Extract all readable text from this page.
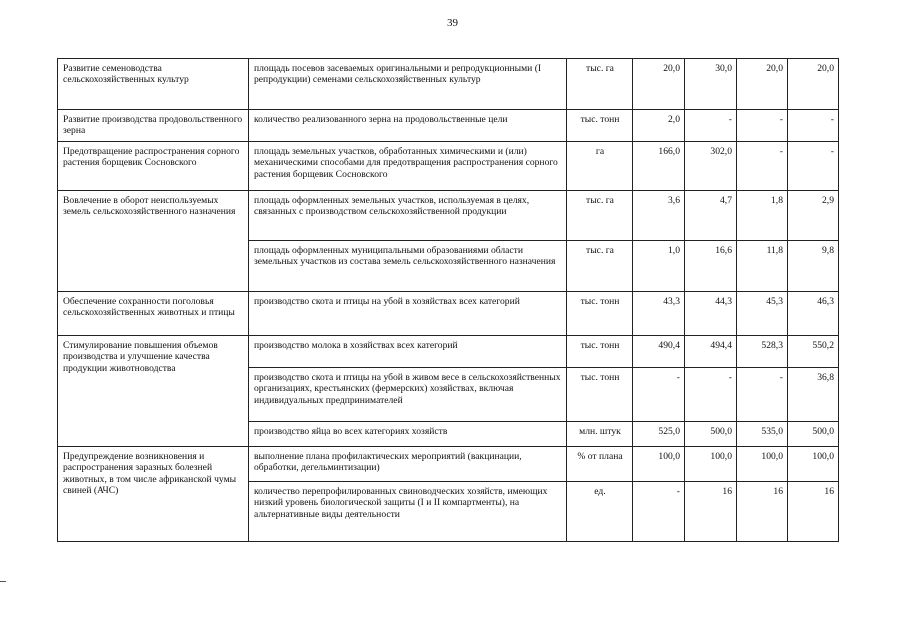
39
Развитие семеноводства сельскохозяйственных культур	площадь посевов засеваемых оригинальными и репродукционными (I репродукции) семенами сельскохозяйственных культур	тыс. га	20,0	30,0	20,0	20,0
Развитие производства продовольственного зерна	количество реализованного зерна на продовольственные цели	тыс. тонн	2,0	-	-	-
Предотвращение распространения сорного растения борщевик Сосновского	площадь земельных участков, обработанных химическими и (или) механическими способами для предотвращения распространения сорного растения борщевик Сосновского	га	166,0	302,0	-	-
Вовлечение в оборот неиспользуемых земель сельскохозяйственного назначения	площадь оформленных земельных участков, используемая в целях, связанных с производством сельскохозяйственной продукции	тыс. га	3,6	4,7	1,8	2,9
	площадь оформленных муниципальными образованиями области земельных участков из состава земель сельскохозяйственного назначения	тыс. га	1,0	16,6	11,8	9,8
Обеспечение сохранности поголовья сельскохозяйственных животных и птицы	производство скота и птицы на убой в хозяйствах всех категорий	тыс. тонн	43,3	44,3	45,3	46,3
Стимулирование повышения объемов производства и улучшение качества продукции животноводства	производство молока в хозяйствах всех категорий	тыс. тонн	490,4	494,4	528,3	550,2
	производство скота и птицы на убой в живом весе в сельскохозяйственных организациях, крестьянских (фермерских) хозяйствах, включая индивидуальных предпринимателей	тыс. тонн	-	-	-	36,8
	производство яйца во всех категориях хозяйств	млн. штук	525,0	500,0	535,0	500,0
Предупреждение возникновения и распространения заразных болезней животных, в том числе африканской чумы свиней (АЧС)	выполнение плана профилактических мероприятий (вакцинации, обработки, дегельминтизации)	% от плана	100,0	100,0	100,0	100,0
	количество перепрофилированных свиноводческих хозяйств, имеющих низкий уровень биологической защиты (I и II компартменты), на альтернативные виды деятельности	ед.	-	16	16	16
